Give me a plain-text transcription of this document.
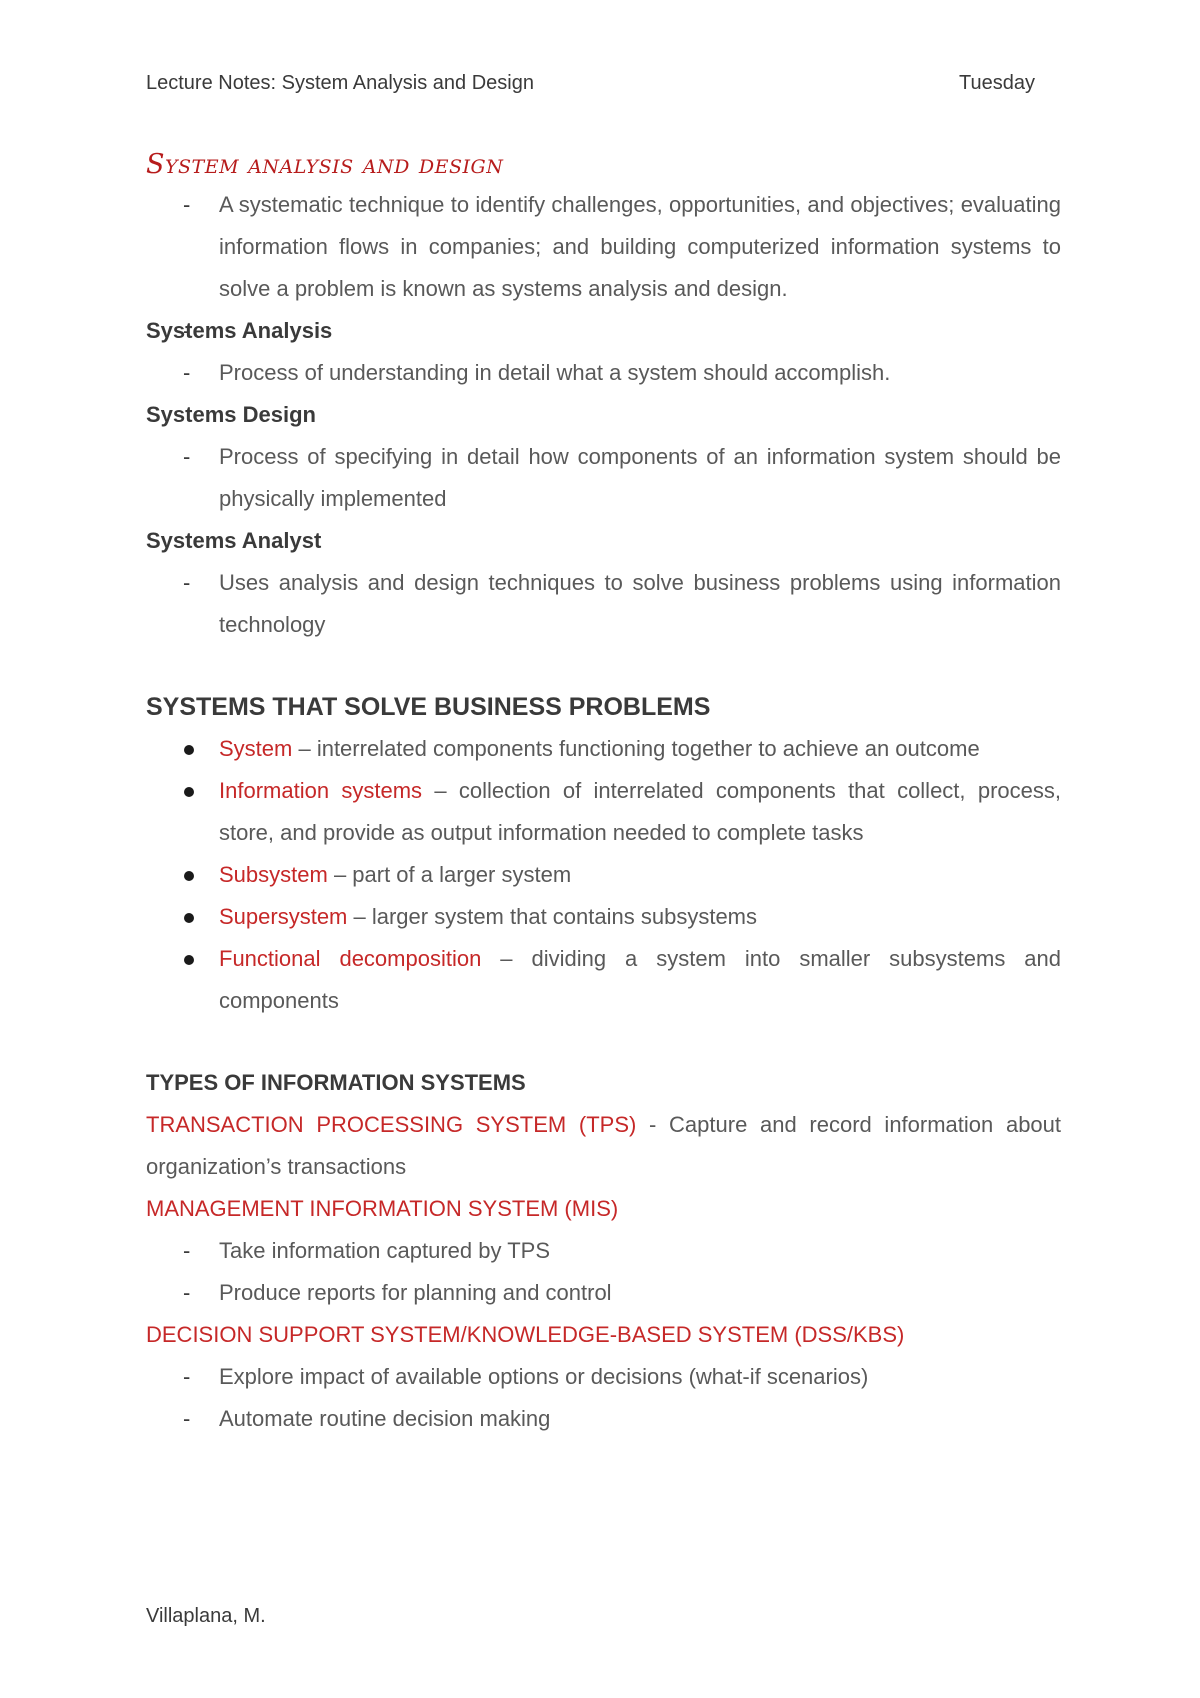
Lecture Notes: System Analysis and Design	Tuesday
System analysis and design
- A systematic technique to identify challenges, opportunities, and objectives; evaluating information flows in companies; and building computerized information systems to solve a problem is known as systems analysis and design.
Systems Analysis
- Process of understanding in detail what a system should accomplish.
Systems Design
- Process of specifying in detail how components of an information system should be physically implemented
Systems Analyst
- Uses analysis and design techniques to solve business problems using information technology
SYSTEMS THAT SOLVE BUSINESS PROBLEMS
System – interrelated components functioning together to achieve an outcome
Information systems – collection of interrelated components that collect, process, store, and provide as output information needed to complete tasks
Subsystem – part of a larger system
Supersystem – larger system that contains subsystems
Functional decomposition – dividing a system into smaller subsystems and components
TYPES OF INFORMATION SYSTEMS
TRANSACTION PROCESSING SYSTEM (TPS) - Capture and record information about organization’s transactions
MANAGEMENT INFORMATION SYSTEM (MIS)
- Take information captured by TPS
- Produce reports for planning and control
DECISION SUPPORT SYSTEM/KNOWLEDGE-BASED SYSTEM (DSS/KBS)
- Explore impact of available options or decisions (what-if scenarios)
- Automate routine decision making
Villaplana, M.
